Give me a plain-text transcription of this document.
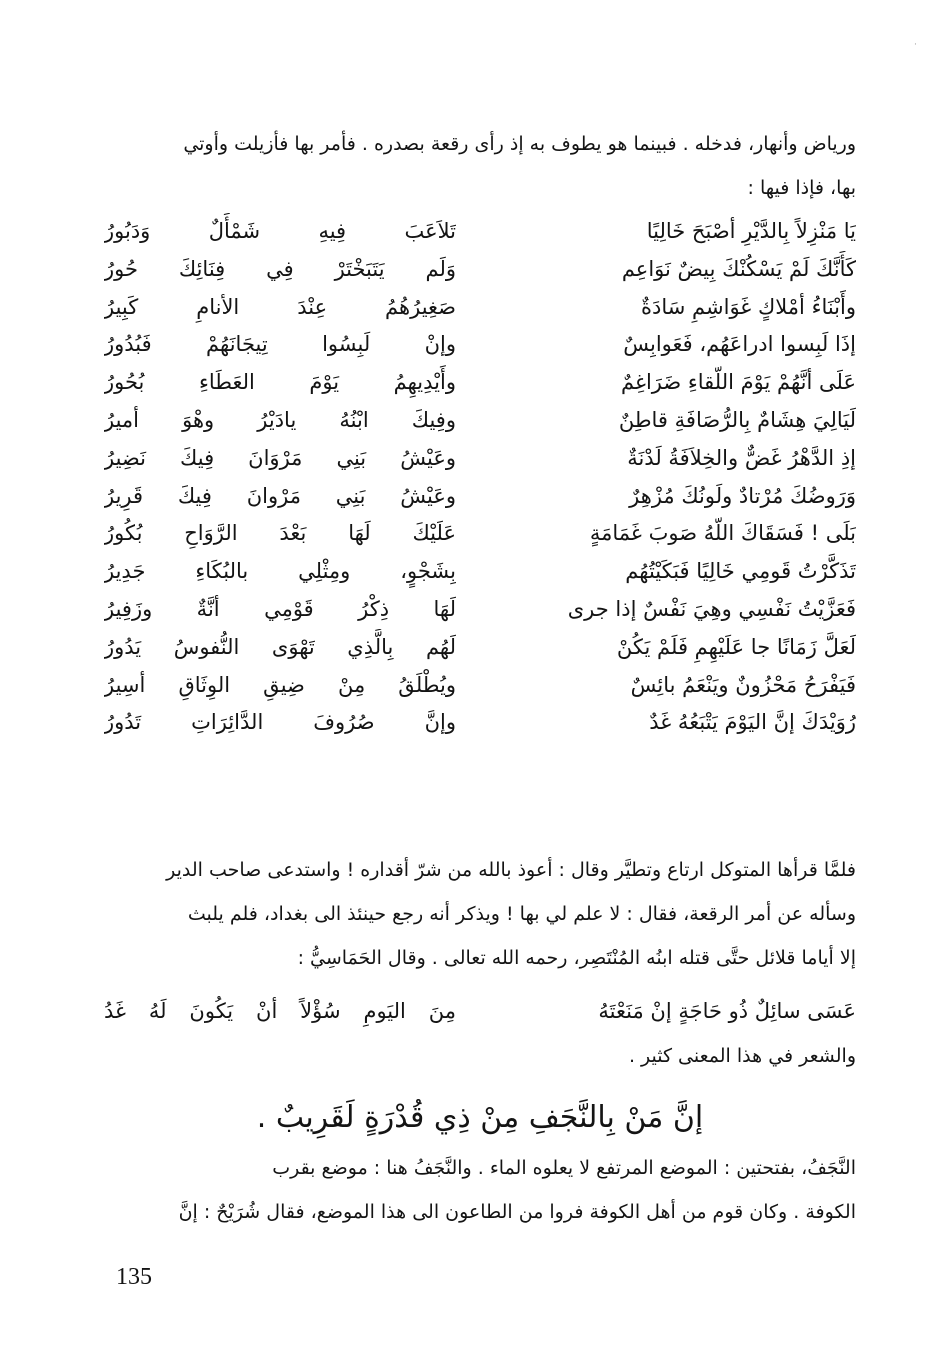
·
ورياض وأنهار، فدخله . فبينما هو يطوف به إذ رأى رقعة بصدره . فأمر بها فأزيلت وأوتي
بها، فإذا فيها :
يَا مَنْزِلاً بِالدَّيْرِ أصْبَحَ خَالِيًا
تَلاَعَبَ فِيهِ شَمْأَلٌ وَدَبُورُ
كَأَنَّكَ لَمْ يَسْكُنْكَ بِيضٌ نَوَاعِم
وَلَم يَتَبَخْتَرْ فِي فِنَائِكَ حُورُ
وأَبْنَاءُ أمْلاكٍ غَوَاشِمِ سَادَةٌ
صَغِيرُهُمُ عِنْدَ الأنامِ كَبِيرُ
إذَا لَبِسوا ادراعَهُم، فَعَوابِسٌ
وإنْ لَبِسُوا تِيجَانَهُمْ فَبُدُورُ
عَلَى أنَّهُمْ يَوْمَ اللّقاءِ ضَرَاغِمٌ
وأَيْدِيهِمُ يَوْمَ العَطَاءِ بُحُورُ
لَيَالِيَ هِشَامٌ بِالرُّصَافَةِ قاطِنٌ
وفِيكَ ابْنُهُ يادَيْرُ وهْوَ أميرُ
إذِ الدَّهْرُ غَضٌّ والخِلاَفَةُ لَدْنَةٌ
وعَيْشُ بَنِي مَرْوَانَ فِيكَ نَضِيرُ
وَرَوضُكَ مُرْتادٌ ولَونُكَ مُزْهِرٌ
وعَيْشُ بَنِي مَرْوانَ فِيكَ قَرِيرُ
بَلَى ! فَسَقَاكَ اللّهُ صَوبَ غَمَامَةٍ
عَلَيْكَ لَهَا بَعْدَ الرَّوَاحِ بُكُورُ
تَذَكَّرْتُ قَومِي خَالِيًا فَبَكَيْتُهُم
بِشَجْوٍ، ومِثْلِي بالبُكَاءِ جَدِيرُ
فَعَزَّيْتُ نَفْسِي وهِيَ نَفْسٌ إذا جرى
لَهَا ذِكْرُ قَوْمِي أنَّةٌ وزَفِيرُ
لَعَلَّ زَمَانًا جا عَلَيْهِمِ فَلَمْ يَكُنْ
لَهُم بِالَّذِي تَهْوَى النُّفوسُ يَدُورُ
فَيَفْرَحُ مَحْزُونٌ ويَنْعَمُ بائِسٌ
ويُطْلَقُ مِنْ ضِيقِ الوِثَاقِ أسِيرُ
رُوَيْدَكَ إنَّ اليَوْمَ يَتْبَعُهُ غَدٌ
وإنَّ صُرُوفَ الدَّائِرَاتِ تَدُورُ
فلمَّا قرأها المتوكل ارتاع وتطيَّر وقال : أعوذ بالله من شرّ أقداره ! واستدعى صاحب الدير
وسأله عن أمر الرقعة، فقال : لا علم لي بها ! ويذكر أنه رجع حينئذ الى بغداد، فلم يلبث
إلا أياما قلائل حتَّى قتله ابنُه المُنْتَصِر، رحمه الله تعالى . وقال الحَمَاسِيُّ :
عَسَى سائِلٌ ذُو حَاجَةٍ إنْ مَنَعْتَهُ
مِنَ اليَومِ سُؤْلاً أنْ يَكُونَ لَهُ غَدُ
والشعر في هذا المعنى كثير .
إنَّ مَنْ بِالنَّجَفِ مِنْ ذِي قُدْرَةٍ لَقَرِيبٌ .
النَّجَفُ، بفتحتين : الموضع المرتفع لا يعلوه الماء . والنَّجَفُ هنا : موضع بقرب
الكوفة . وكان قوم من أهل الكوفة فروا من الطاعون الى هذا الموضع، فقال شُرَيْحٌ : إنَّ
135
